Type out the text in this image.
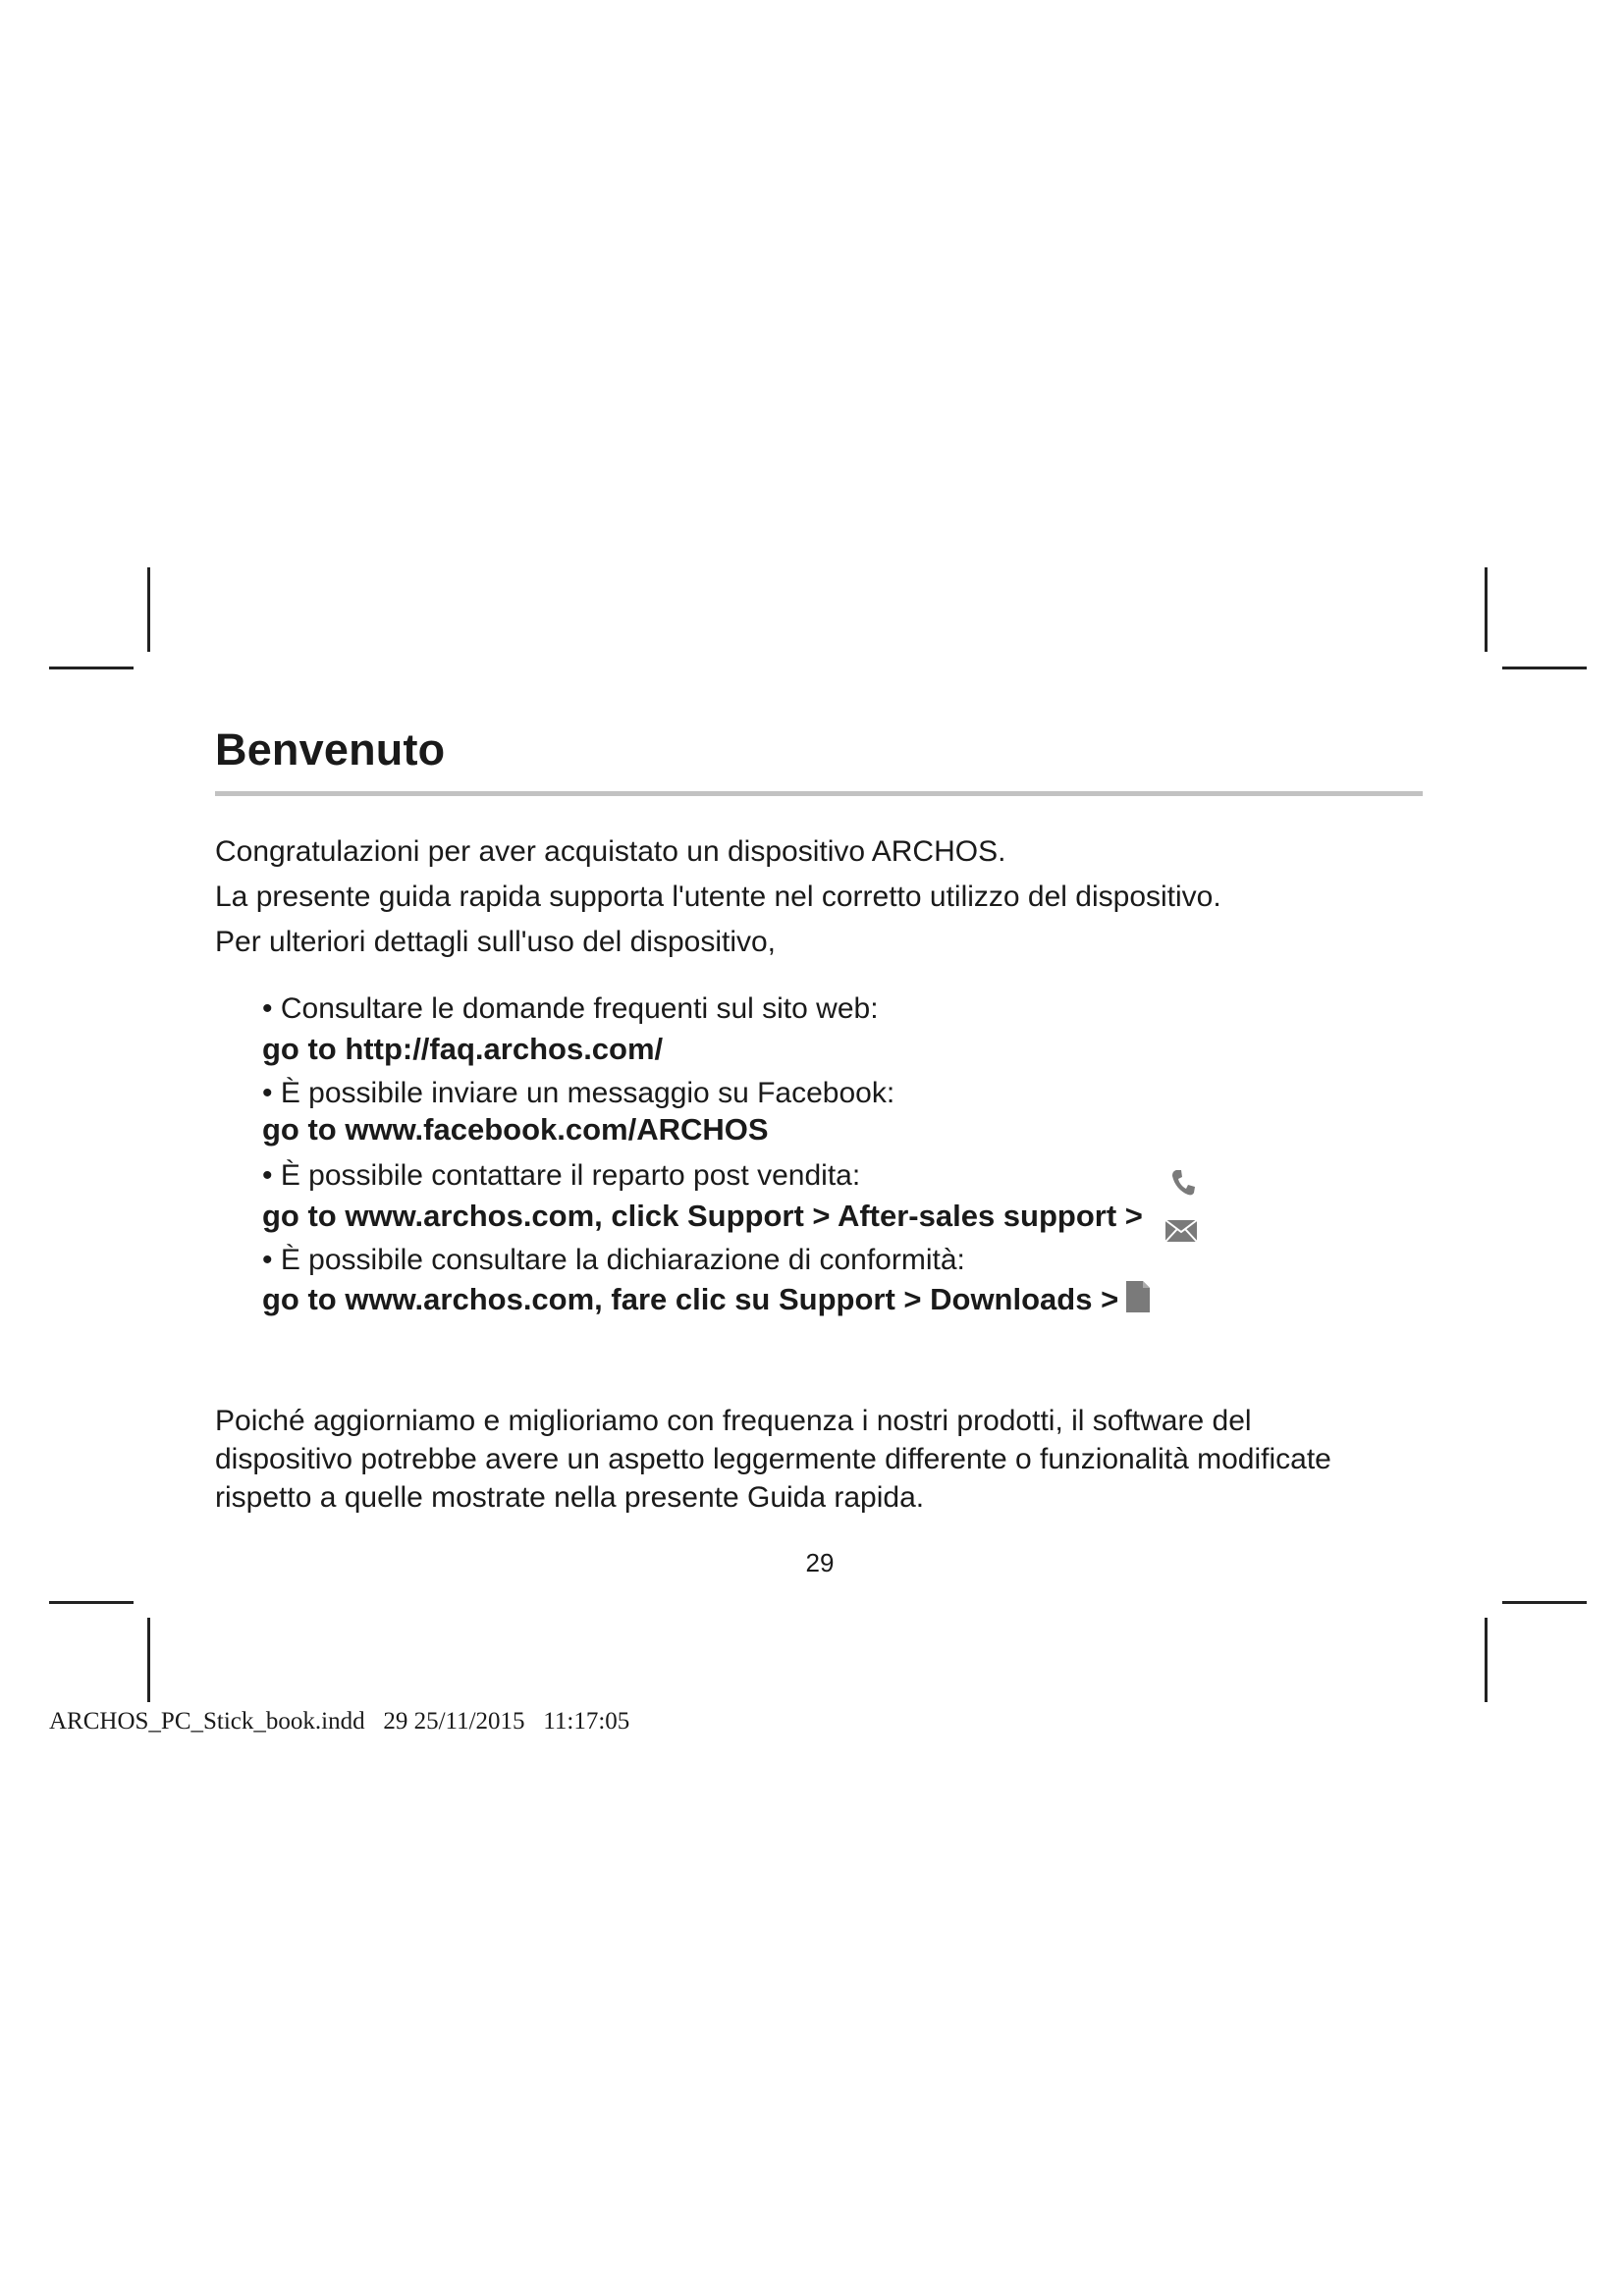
Benvenuto

Congratulazioni per aver acquistato un dispositivo ARCHOS.

La presente guida rapida supporta l'utente nel corretto utilizzo del dispositivo.

Per ulteriori dettagli sull'uso del dispositivo,

• Consultare le domande frequenti sul sito web:

go to http://faq.archos.com/

• È possibile inviare un messaggio su Facebook:

go to www.facebook.com/ARCHOS

• È possibile contattare il reparto post vendita:

go to www.archos.com, click Support > After-sales support >

• È possibile consultare la dichiarazione di conformità:

go to www.archos.com, fare clic su Support > Downloads >

Poiché aggiorniamo e miglioriamo con frequenza i nostri prodotti, il software del
dispositivo potrebbe avere un aspetto leggermente differente o funzionalità modificate
rispetto a quelle mostrate nella presente Guida rapida.

29

ARCHOS_PC_Stick_book.indd   29 25/11/2015   11:17:05
